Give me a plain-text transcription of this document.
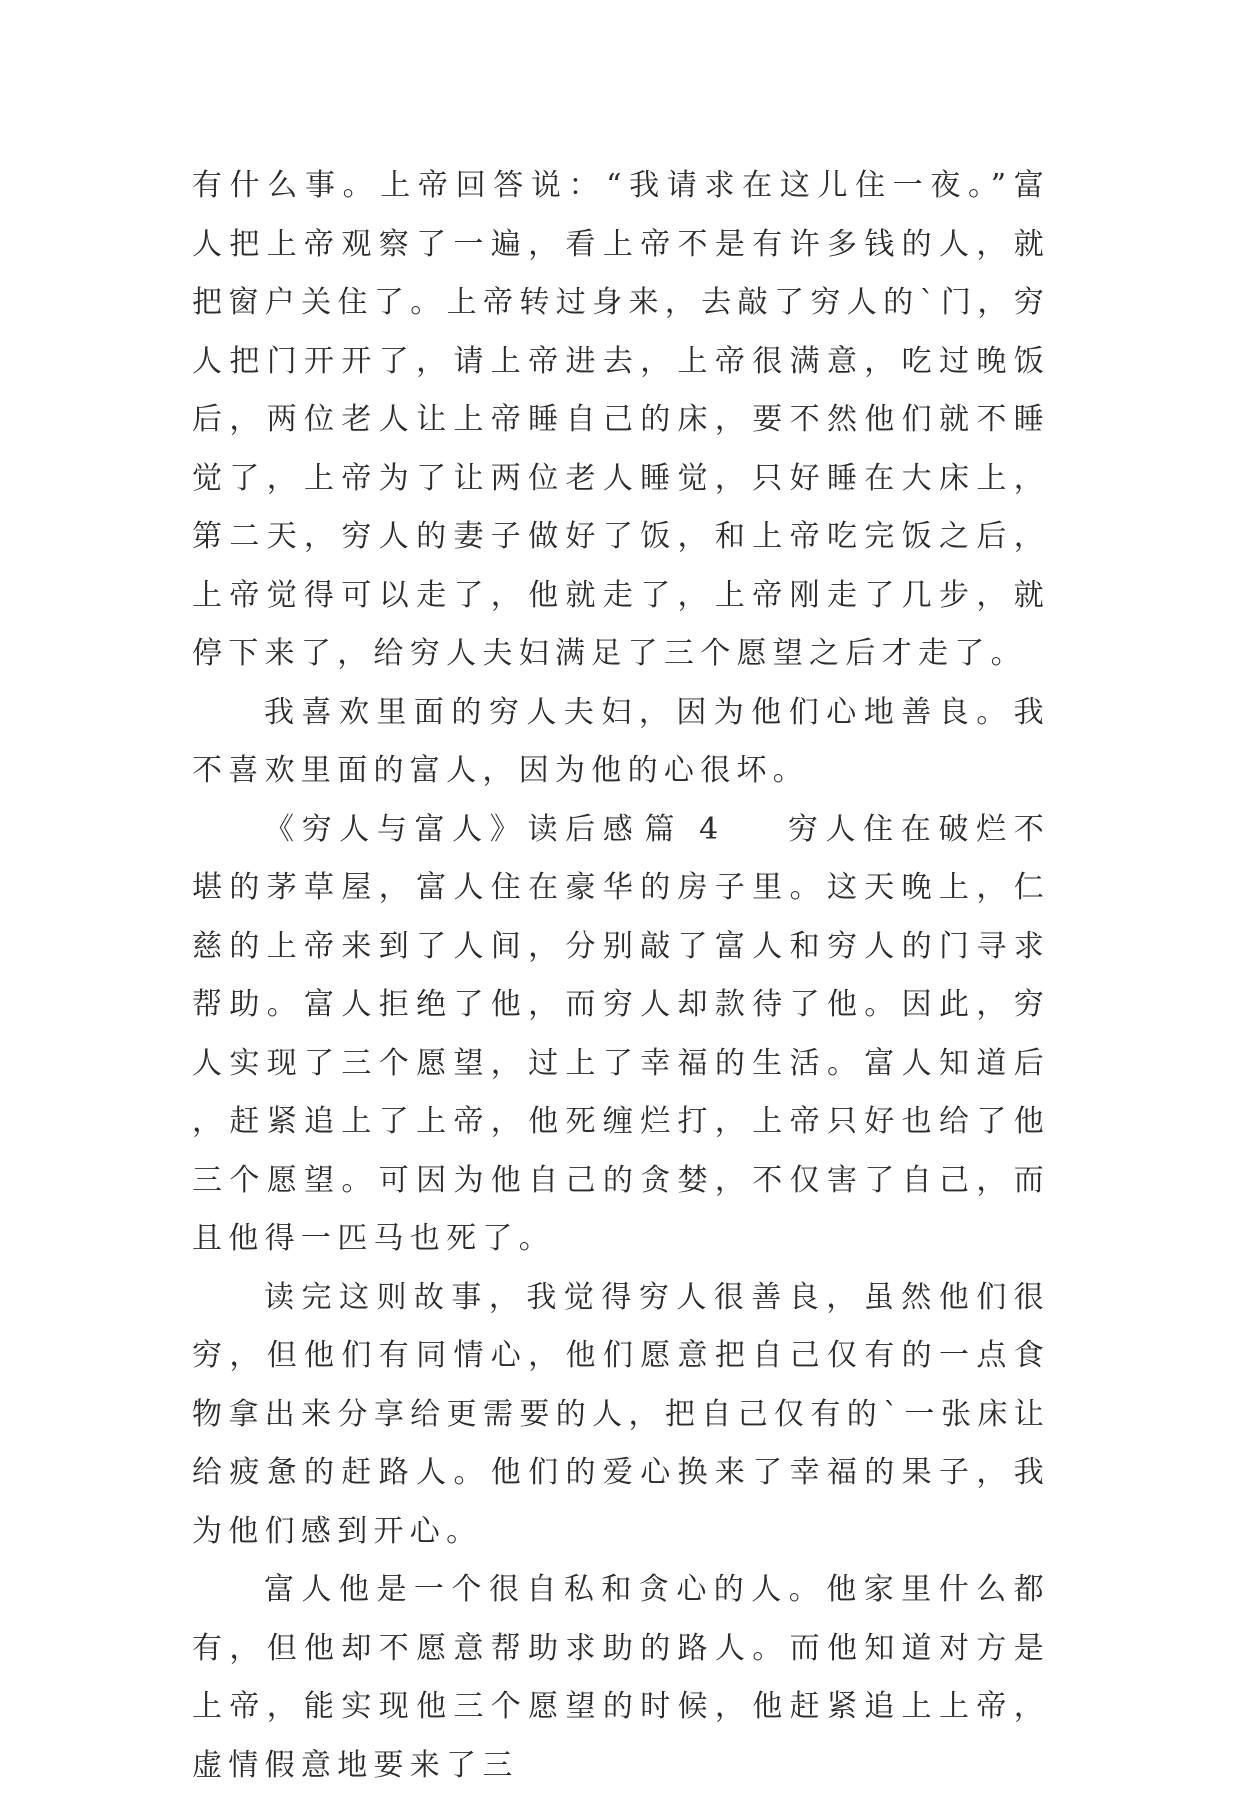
有什么事。上帝回答说：“我请求在这儿住一夜。”富人把上帝观察了一遍，看上帝不是有许多钱的人，就把窗户关住了。上帝转过身来，去敲了穷人的`门，穷人把门开开了，请上帝进去，上帝很满意，吃过晚饭后，两位老人让上帝睡自己的床，要不然他们就不睡觉了，上帝为了让两位老人睡觉，只好睡在大床上，第二天，穷人的妻子做好了饭，和上帝吃完饭之后，上帝觉得可以走了，他就走了，上帝刚走了几步，就停下来了，给穷人夫妇满足了三个愿望之后才走了。

我喜欢里面的穷人夫妇，因为他们心地善良。我不喜欢里面的富人，因为他的心很坏。

《穷人与富人》读后感 篇 4 穷人住在破烂不堪的茅草屋，富人住在豪华的房子里。这天晚上，仁慈的上帝来到了人间，分别敲了富人和穷人的门寻求帮助。富人拒绝了他，而穷人却款待了他。因此，穷人实现了三个愿望，过上了幸福的生活。富人知道后，赶紧追上了上帝，他死缠烂打，上帝只好也给了他三个愿望。可因为他自己的贪婪，不仅害了自己，而且他得一匹马也死了。

读完这则故事，我觉得穷人很善良，虽然他们很穷，但他们有同情心，他们愿意把自己仅有的一点食物拿出来分享给更需要的人，把自己仅有的`一张床让给疲惫的赶路人。他们的爱心换来了幸福的果子，我为他们感到开心。

富人他是一个很自私和贪心的人。他家里什么都有，但他却不愿意帮助求助的路人。而他知道对方是上帝，能实现他三个愿望的时候，他赶紧追上上帝，虚情假意地要来了三
